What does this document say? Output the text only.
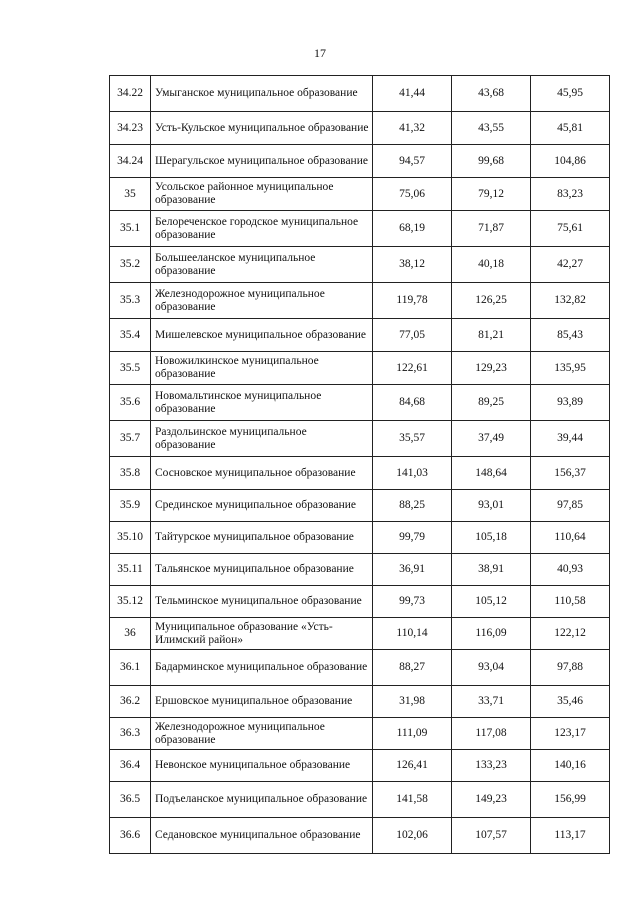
17
34.22	Умыганское муниципальное образование	41,44	43,68	45,95
34.23	Усть-Кульское муниципальное образование	41,32	43,55	45,81
34.24	Шерагульское муниципальное образование	94,57	99,68	104,86
35	Усольское районное муниципальное образование	75,06	79,12	83,23
35.1	Белореченское городское муниципальное образование	68,19	71,87	75,61
35.2	Большееланское муниципальное образование	38,12	40,18	42,27
35.3	Железнодорожное муниципальное образование	119,78	126,25	132,82
35.4	Мишелевское муниципальное образование	77,05	81,21	85,43
35.5	Новожилкинское муниципальное образование	122,61	129,23	135,95
35.6	Новомальтинское муниципальное образование	84,68	89,25	93,89
35.7	Раздольинское муниципальное образование	35,57	37,49	39,44
35.8	Сосновское муниципальное образование	141,03	148,64	156,37
35.9	Срединское муниципальное образование	88,25	93,01	97,85
35.10	Тайтурское муниципальное образование	99,79	105,18	110,64
35.11	Тальянское муниципальное образование	36,91	38,91	40,93
35.12	Тельминское муниципальное образование	99,73	105,12	110,58
36	Муниципальное образование «Усть-Илимский район»	110,14	116,09	122,12
36.1	Бадарминское муниципальное образование	88,27	93,04	97,88
36.2	Ершовское муниципальное образование	31,98	33,71	35,46
36.3	Железнодорожное муниципальное образование	111,09	117,08	123,17
36.4	Невонское муниципальное образование	126,41	133,23	140,16
36.5	Подъеланское муниципальное образование	141,58	149,23	156,99
36.6	Седановское муниципальное образование	102,06	107,57	113,17
